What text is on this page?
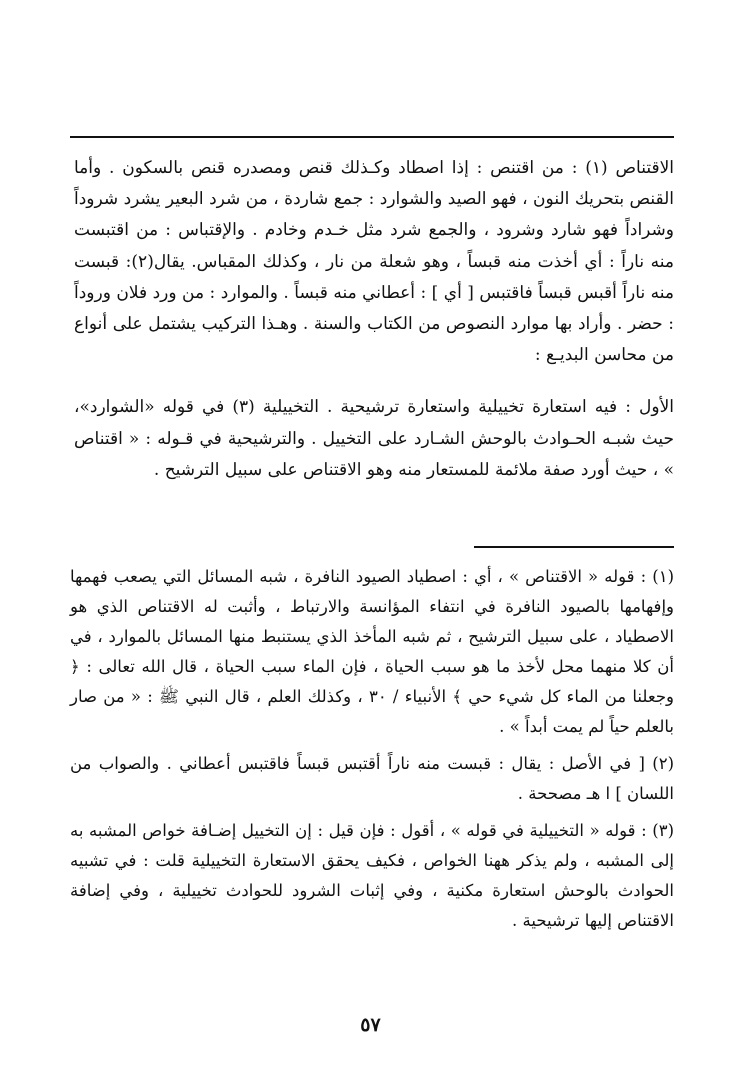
الاقتناص (١) : من اقتنص : إذا اصطاد وكـذلك قنص ومصدره قنص بالسكون . وأما القنص بتحريك النون ، فهو الصيد والشوارد : جمع شاردة ، من شرد البعير يشرد شروداً وشراداً فهو شارد وشرود ، والجمع شرد مثل خـدم وخادم . والإقتباس : من اقتبست منه ناراً : أي أخذت منه قبساً ، وهو شعلة من نار ، وكذلك المقباس. يقال(٢): قبست منه ناراً أقبس قبساً فاقتبس [ أي ] : أعطاني منه قبساً . والموارد : من ورد فلان وروداً : حضر . وأراد بها موارد النصوص من الكتاب والسنة . وهـذا التركيب يشتمل على أنواع من محاسن البديـع :

الأول : فيه استعارة تخييلية واستعارة ترشيحية . التخييلية (٣) في قوله «الشوارد»، حيث شبـه الحـوادث بالوحش الشـارد على التخييل . والترشيحية في قـوله : « اقتناص » ، حيث أورد صفة ملائمة للمستعار منه وهو الاقتناص على سبيل الترشيح .

(١) : قوله « الاقتناص » ، أي : اصطياد الصيود النافرة ، شبه المسائل التي يصعب فهمها وإفهامها بالصيود النافرة في انتفاء المؤانسة والارتباط ، وأثبت له الاقتناص الذي هو الاصطياد ، على سبيل الترشيح ، ثم شبه المأخذ الذي يستنبط منها المسائل بالموارد ، في أن كلا منهما محل لأخذ ما هو سبب الحياة ، فإن الماء سبب الحياة ، قال الله تعالى : ﴿ وجعلنا من الماء كل شيء حي ﴾ الأنبياء / ٣٠ ، وكذلك العلم ، قال النبي ﷺ : « من صار بالعلم حياً لم يمت أبداً » .

(٢) [ في الأصل : يقال : قبست منه ناراً أقتبس قبساً فاقتبس أعطاني . والصواب من اللسان ] ا هـ مصححة .

(٣) : قوله « التخييلية في قوله » ، أقول : فإن قيل : إن التخييل إضـافة خواص المشبه به إلى المشبه ، ولم يذكر ههنا الخواص ، فكيف يحقق الاستعارة التخييلية قلت : في تشبيه الحوادث بالوحش استعارة مكنية ، وفي إثبات الشرود للحوادث تخييلية ، وفي إضافة الاقتناص إليها ترشيحية .

٥٧
